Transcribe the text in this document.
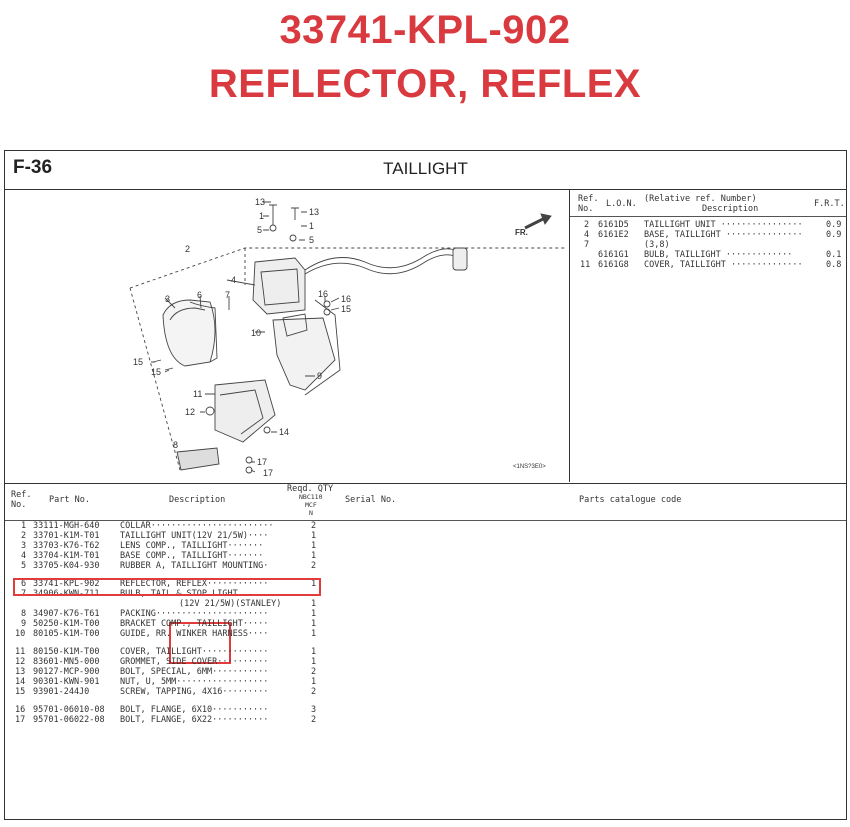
33741-KPL-902
REFLECTOR, REFLEX
F-36	TAILLIGHT
13
1
5
13
1
5
2
4
3	6	7	16 16
15
10
15
15
9
11
12
14
8
17
17
FR.
<1NS?3E0>
Ref.
No. L.O.N. (Relative ref. Number)
Description	F.R.T.
2 6161D5 TAILLIGHT UNIT ················	0.9
4 6161E2 BASE, TAILLIGHT ···············	0.9
7	(3,8)
6161G1 BULB, TAILLIGHT ·············	0.1
11 6161G8 COVER, TAILLIGHT ··············	0.8
Ref.
No.	Part No.	Description
Reqd. QTY
NBC110
MCF
N
Serial No.	Parts catalogue code
1 33111-MGH-640 COLLAR························	2
2 33701-K1M-T01 TAILLIGHT UNIT(12V 21/5W)····	1
3 33703-K76-T62 LENS COMP., TAILLIGHT·······	1
4 33704-K1M-T01 BASE COMP., TAILLIGHT·······	1
5 33705-K04-930 RUBBER A, TAILLIGHT MOUNTING·	2
6 33741-KPL-902 REFLECTOR, REFLEX············	1
7 34906-KWN-711 BULB, TAIL & STOP LIGHT
(12V 21/5W)(STANLEY)	1
8 34907-K76-T61 PACKING······················	1
9 50250-K1M-T00 BRACKET COMP., TAILLIGHT·····	1
10 80105-K1M-T00 GUIDE, RR. WINKER HARNESS····	1
11 80150-K1M-T00 COVER, TAILLIGHT·············	1
12 83601-MN5-000 GROMMET, SIDE COVER··········	1
13 90127-MCP-900 BOLT, SPECIAL, 6MM···········	2
14 90301-KWN-901 NUT, U, 5MM··················	1
15 93901-244J0	SCREW, TAPPING, 4X16·········	2
16 95701-06010-08 BOLT, FLANGE, 6X10···········	3
17 95701-06022-08 BOLT, FLANGE, 6X22···········	2
